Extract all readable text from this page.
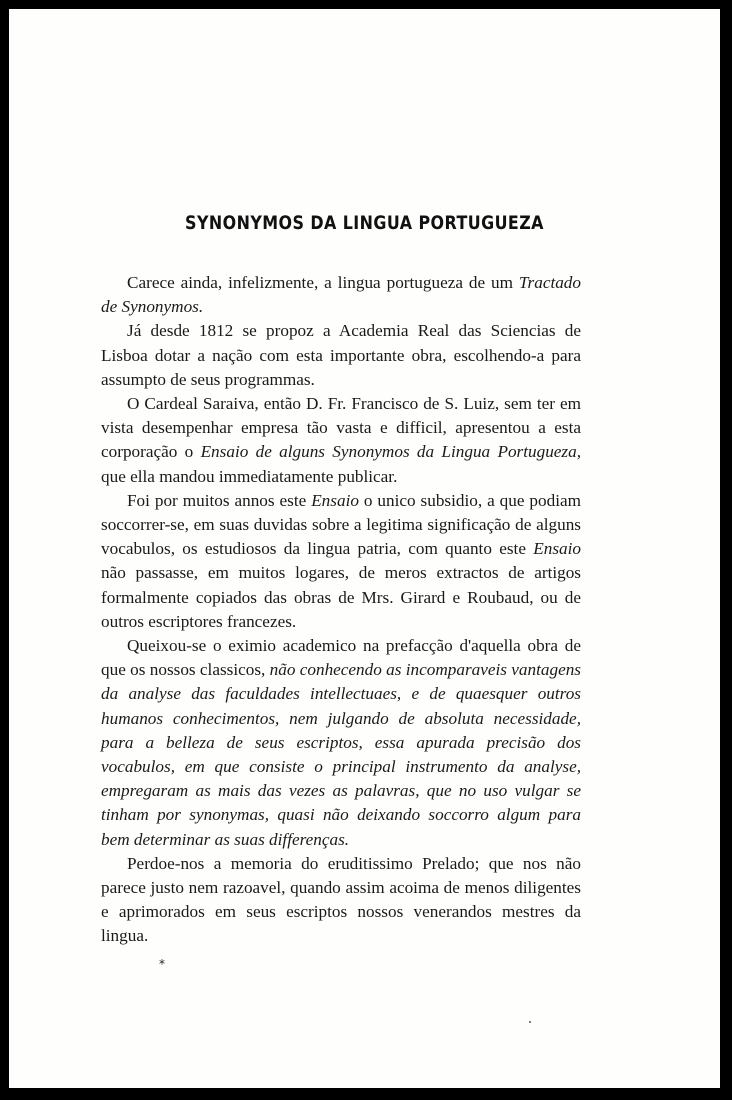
SYNONYMOS DA LINGUA PORTUGUEZA

Carece ainda, infelizmente, a lingua portugueza de um Tractado de Synonymos.

Já desde 1812 se propoz a Academia Real das Sciencias de Lisboa dotar a nação com esta importante obra, escolhendo-a para assumpto de seus programmas.

O Cardeal Saraiva, então D. Fr. Francisco de S. Luiz, sem ter em vista desempenhar empresa tão vasta e difficil, apresentou a esta corporação o Ensaio de alguns Synonymos da Lingua Portugueza, que ella mandou immediatamente publicar.

Foi por muitos annos este Ensaio o unico subsidio, a que podiam soccorrer-se, em suas duvidas sobre a legitima significação de alguns vocabulos, os estudiosos da lingua patria, com quanto este Ensaio não passasse, em muitos logares, de meros extractos de artigos formalmente copiados das obras de Mrs. Girard e Roubaud, ou de outros escriptores francezes.

Queixou-se o eximio academico na prefacção d'aquella obra de que os nossos classicos, não conhecendo as incomparaveis vantagens da analyse das faculdades intellectuaes, e de quaesquer outros humanos conhecimentos, nem julgando de absoluta necessidade, para a belleza de seus escriptos, essa apurada precisão dos vocabulos, em que consiste o principal instrumento da analyse, empregaram as mais das vezes as palavras, que no uso vulgar se tinham por synonymas, quasi não deixando soccorro algum para bem determinar as suas differenças.

Perdoe-nos a memoria do eruditissimo Prelado; que nos não parece justo nem razoavel, quando assim acoima de menos diligentes e aprimorados em seus escriptos nossos venerandos mestres da lingua.

*
